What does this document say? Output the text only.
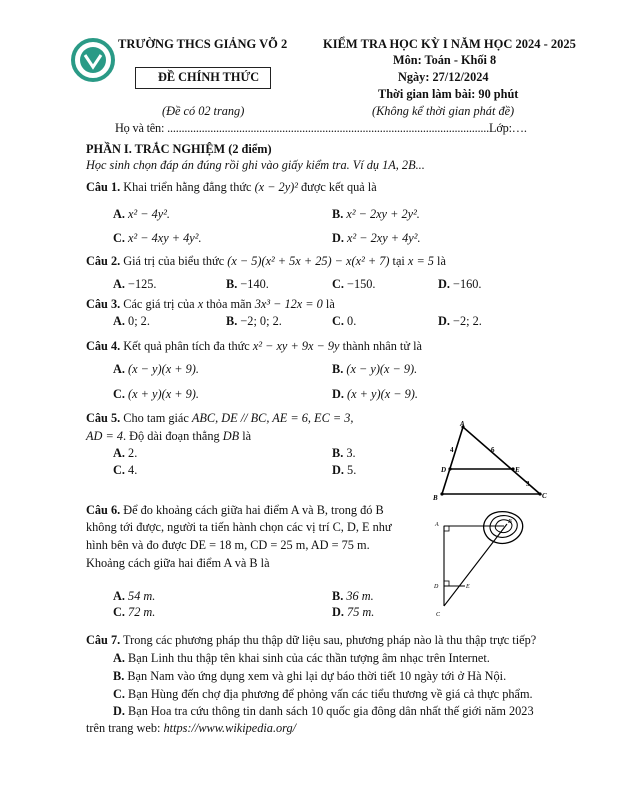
TRƯỜNG THCS GIẢNG VÕ 2	KIỂM TRA HỌC KỲ I NĂM HỌC 2024 - 2025
ĐỀ CHÍNH THỨC
Môn: Toán - Khối 8
Ngày: 27/12/2024
Thời gian làm bài: 90 phút
(Đề có 02 trang)	(Không kể thời gian phát đề)
Họ và tên: ................................................................................................................Lớp:….
PHẦN I. TRẮC NGHIỆM (2 điểm)
Học sinh chọn đáp án đúng rồi ghi vào giấy kiểm tra. Ví dụ 1A, 2B...
Câu 1. Khai triển hằng đẳng thức (x − 2y)² được kết quả là
A. x² − 4y².	B. x² − 2xy + 2y².
C. x² − 4xy + 4y².	D. x² − 2xy + 4y².
Câu 2. Giá trị của biểu thức (x − 5)(x² + 5x + 25) − x(x² + 7) tại x = 5 là
A. −125.	B. −140.	C. −150.	D. −160.
Câu 3. Các giá trị của x thỏa mãn 3x³ − 12x = 0 là
A. 0; 2.	B. −2; 0; 2.	C. 0.	D. −2; 2.
Câu 4. Kết quả phân tích đa thức x² − xy + 9x − 9y thành nhân tử là
A. (x − y)(x + 9).	B. (x − y)(x − 9).
C. (x + y)(x + 9).	D. (x + y)(x − 9).
Câu 5. Cho tam giác ABC, DE // BC, AE = 6, EC = 3,
AD = 4. Độ dài đoạn thẳng DB là
A. 2.	B. 3.
C. 4.	D. 5.
A
B	C
D	E
4	6
3
Câu 6. Để đo khoảng cách giữa hai điểm A và B, trong đó B
không tới được, người ta tiến hành chọn các vị trí C, D, E như
hình bên và đo được DE = 18 m, CD = 25 m, AD = 75 m.
Khoảng cách giữa hai điểm A và B là
A. 54 m.	B. 36 m.
C. 72 m.	D. 75 m.
A	B
C
D	E
Câu 7. Trong các phương pháp thu thập dữ liệu sau, phương pháp nào là thu thập trực tiếp?
A. Bạn Linh thu thập tên khai sinh của các thần tượng âm nhạc trên Internet.
B. Bạn Nam vào ứng dụng xem và ghi lại dự báo thời tiết 10 ngày tới ở Hà Nội.
C. Bạn Hùng đến chợ địa phương để phỏng vấn các tiểu thương về giá cả thực phẩm.
D. Bạn Hoa tra cứu thông tin danh sách 10 quốc gia đông dân nhất thế giới năm 2023
trên trang web: https://www.wikipedia.org/
